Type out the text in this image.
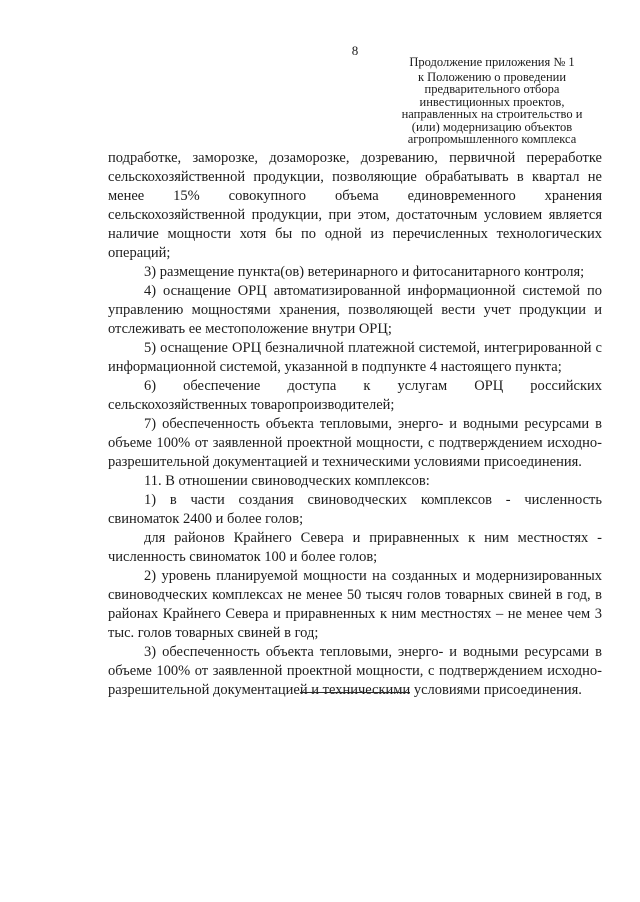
8
Продолжение приложения № 1
к Положению о проведении
предварительного отбора
инвестиционных проектов,
направленных на строительство и
(или) модернизацию объектов
агропромышленного комплекса

подработке, заморозке, дозаморозке, дозреванию, первичной переработке сельскохозяйственной продукции, позволяющие обрабатывать в квартал не менее 15% совокупного объема единовременного хранения сельскохозяйственной продукции, при этом, достаточным условием является наличие мощности хотя бы по одной из перечисленных технологических операций;

3) размещение пункта(ов) ветеринарного и фитосанитарного контроля;

4) оснащение ОРЦ автоматизированной информационной системой по управлению мощностями хранения, позволяющей вести учет продукции и отслеживать ее местоположение внутри ОРЦ;

5) оснащение ОРЦ безналичной платежной системой, интегрированной с информационной системой, указанной в подпункте 4 настоящего пункта;

6) обеспечение доступа к услугам ОРЦ российских сельскохозяйственных товаропроизводителей;

7) обеспеченность объекта тепловыми, энерго- и водными ресурсами в объеме 100% от заявленной проектной мощности, с подтверждением исходно-разрешительной документацией и техническими условиями присоединения.

11. В отношении свиноводческих комплексов:

1) в части создания свиноводческих комплексов - численность свиноматок 2400 и более голов;

для районов Крайнего Севера и приравненных к ним местностях - численность свиноматок 100 и более голов;

2) уровень планируемой мощности на созданных и модернизированных свиноводческих комплексах не менее 50 тысяч голов товарных свиней в год, в районах Крайнего Севера и приравненных к ним местностях – не менее чем 3 тыс. голов товарных свиней в год;

3) обеспеченность объекта тепловыми, энерго- и водными ресурсами в объеме 100% от заявленной проектной мощности, с подтверждением исходно-разрешительной документацией и техническими условиями присоединения.
